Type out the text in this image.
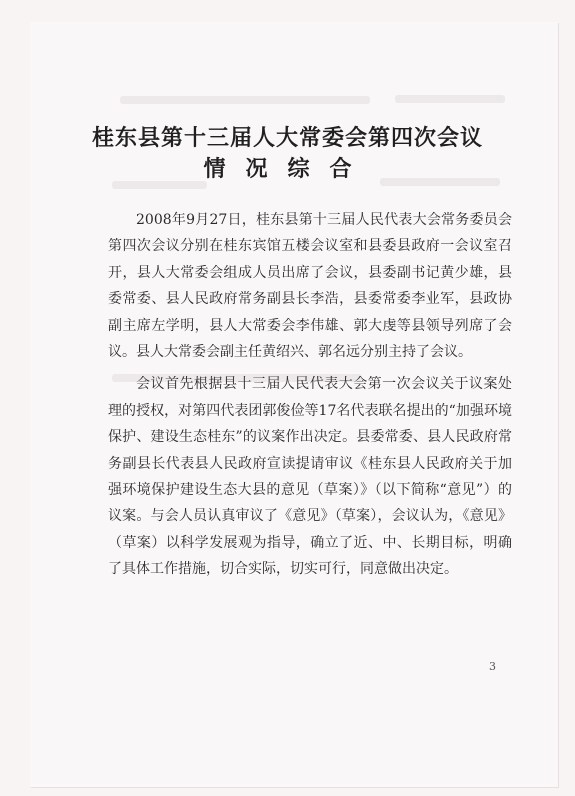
桂东县第十三届人大常委会第四次会议
情况综合

2008年9月27日，桂东县第十三届人民代表大会常务委员会第四次会议分别在桂东宾馆五楼会议室和县委县政府一会议室召开，县人大常委会组成人员出席了会议，县委副书记黄少雄，县委常委、县人民政府常务副县长李浩，县委常委李业军，县政协副主席左学明，县人大常委会李伟雄、郭大虔等县领导列席了会议。县人大常委会副主任黄绍兴、郭名远分别主持了会议。

会议首先根据县十三届人民代表大会第一次会议关于议案处理的授权，对第四代表团郭俊俭等17名代表联名提出的“加强环境保护、建设生态桂东”的议案作出决定。县委常委、县人民政府常务副县长代表县人民政府宣读提请审议《桂东县人民政府关于加强环境保护建设生态大县的意见（草案）》（以下简称“意见”）的议案。与会人员认真审议了《意见》（草案），会议认为，《意见》（草案）以科学发展观为指导，确立了近、中、长期目标，明确了具体工作措施，切合实际，切实可行，同意做出决定。

3
